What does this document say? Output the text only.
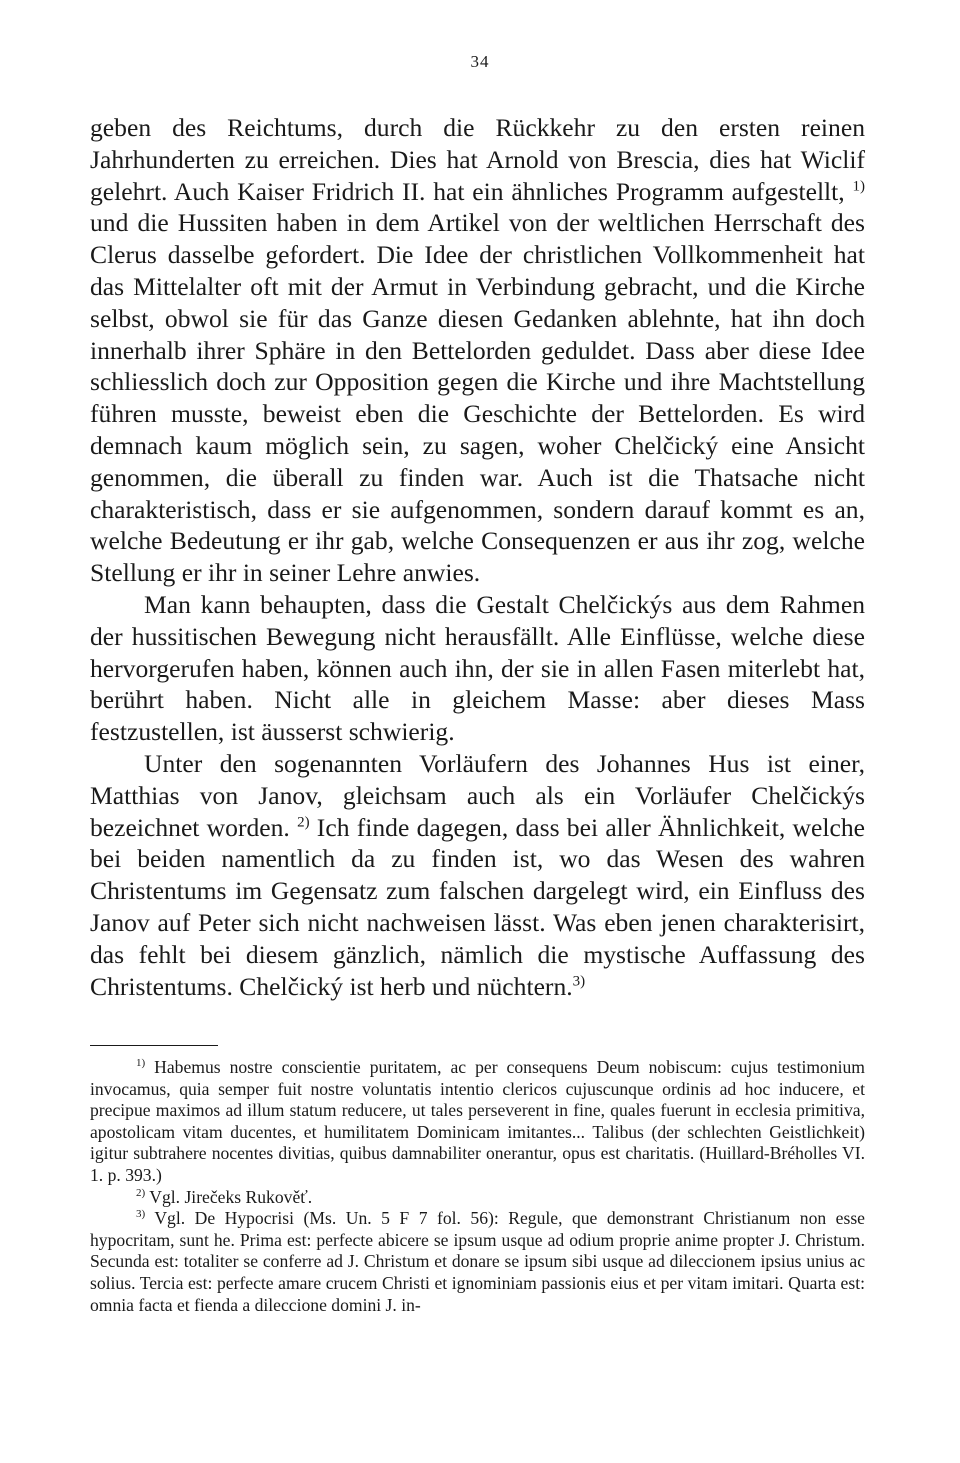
34

geben des Reichtums, durch die Rückkehr zu den ersten reinen Jahrhunderten zu erreichen. Dies hat Arnold von Brescia, dies hat Wiclif gelehrt. Auch Kaiser Fridrich II. hat ein ähnliches Programm aufgestellt, $^{1)}$ und die Hussiten haben in dem Artikel von der weltlichen Herrschaft des Clerus dasselbe gefordert. Die Idee der christlichen Vollkommenheit hat das Mittelalter oft mit der Armut in Verbindung gebracht, und die Kirche selbst, obwol sie für das Ganze diesen Gedanken ablehnte, hat ihn doch innerhalb ihrer Sphäre in den Bettelorden geduldet. Dass aber diese Idee schliesslich doch zur Opposition gegen die Kirche und ihre Machtstellung führen musste, beweist eben die Geschichte der Bettelorden. Es wird demnach kaum möglich sein, zu sagen, woher Chelčický eine Ansicht genommen, die überall zu finden war. Auch ist die Thatsache nicht charakteristisch, dass er sie aufgenommen, sondern darauf kommt es an, welche Bedeutung er ihr gab, welche Consequenzen er aus ihr zog, welche Stellung er ihr in seiner Lehre anwies.

Man kann behaupten, dass die Gestalt Chelčickýs aus dem Rahmen der hussitischen Bewegung nicht herausfällt. Alle Einflüsse, welche diese hervorgerufen haben, können auch ihn, der sie in allen Fasen miterlebt hat, berührt haben. Nicht alle in gleichem Masse: aber dieses Mass festzustellen, ist äusserst schwierig.

Unter den sogenannten Vorläufern des Johannes Hus ist einer, Matthias von Janov, gleichsam auch als ein Vorläufer Chelčickýs bezeichnet worden. $^{2)}$ Ich finde dagegen, dass bei aller Ähnlichkeit, welche bei beiden namentlich da zu finden ist, wo das Wesen des wahren Christentums im Gegensatz zum falschen dargelegt wird, ein Einfluss des Janov auf Peter sich nicht nachweisen lässt. Was eben jenen charakterisirt, das fehlt bei diesem gänzlich, nämlich die mystische Auffassung des Christentums. Chelčický ist herb und nüchtern.$^{3)}$

$^{1)}$ Habemus nostre conscientie puritatem, ac per consequens Deum nobiscum: cujus testimonium invocamus, quia semper fuit nostre voluntatis intentio clericos cujuscunque ordinis ad hoc inducere, et precipue maximos ad illum statum reducere, ut tales perseverent in fine, quales fuerunt in ecclesia primitiva, apostolicam vitam ducentes, et humilitatem Dominicam imitantes... Talibus (der schlechten Geistlichkeit) igitur subtrahere nocentes divitias, quibus damnabiliter onerantur, opus est charitatis. (Huillard-Bréholles VI. 1. p. 393.)

$^{2)}$ Vgl. Jirečeks Rukověť.

$^{3)}$ Vgl. De Hypocrisi (Ms. Un. 5 F 7 fol. 56): Regule, que demonstrant Christianum non esse hypocritam, sunt he. Prima est: perfecte abicere se ipsum usque ad odium proprie anime propter J. Christum. Secunda est: totaliter se conferre ad J. Christum et donare se ipsum sibi usque ad dileccionem ipsius unius ac solius. Tercia est: perfecte amare crucem Christi et ignominiam passionis eius et per vitam imitari. Quarta est: omnia facta et fienda a dileccione domini J. in-
